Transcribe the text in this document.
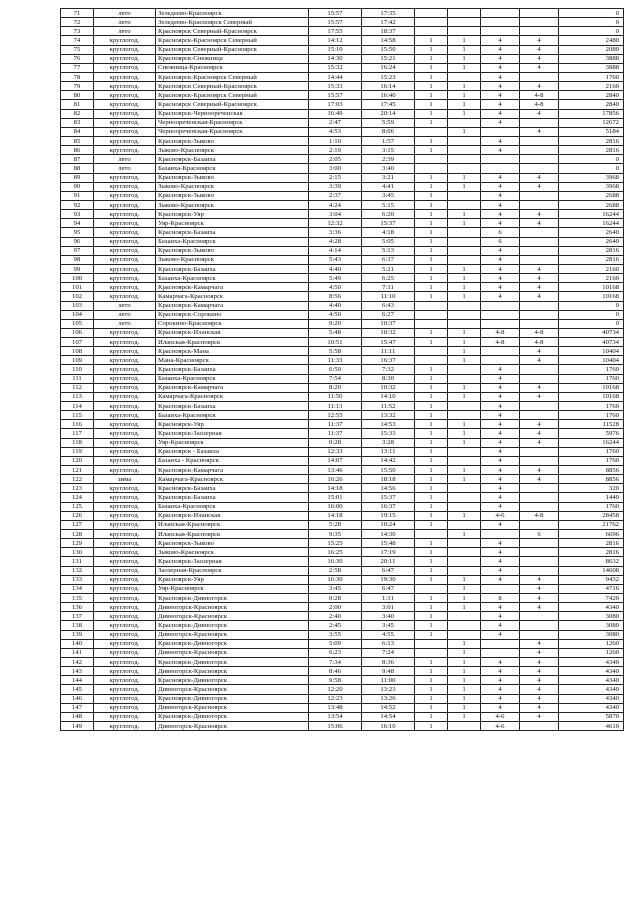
71	лето	Зеледеево-Красноярск	15:57	17:35					0
72	лето	Зеледеево-Красноярск Северный	15:57	17:42					0
73	лето	Красноярск Северный-Красноярск	17:55	18:37					0
74	круглогод.	Красноярск-Красноярск Северный	14:12	14:58	1	1	4	4	2480
75	круглогод.	Красноярск Северный-Красноярск	15:10	15:50	1	1	4	4	2080
76	круглогод.	Красноярск-Снежница	14:30	15:21	1	1	4	4	3888
77	круглогод.	Снежница-Красноярск	15:32	16:24	1	1	4	4	3888
78	круглогод.	Красноярск-Красноярск Северный	14:44	15:23	1		4		1760
79	круглогод.	Красноярск Северный-Красноярск	15:33	16:14	1	1	4	4	2160
80	круглогод.	Красноярск-Красноярск Северный	15:57	16:40	1	1	4	4-8	2840
81	круглогод.	Красноярск Северный-Красноярск	17:03	17:45	1	1	4	4-8	2840
82	круглогод.	Красноярск-Черноореченская	16:49	20:14	1	1	4	4	17856
83	круглогод.	Черноореченская-Красноярск	2:47	5:59	1		4		12672
84	круглогод.	Черноореченская-Красноярск	4:53	8:06		1		4	5184
85	круглогод.	Красноярск-Зыково	1:10	1:57	1		4		2816
86	круглогод.	Зыково-Красноярск	2:19	3:15	1		4		2816
87	лето	Красноярск-Базаиха	2:05	2:39					0
88	лето	Базаиха-Красноярск	3:00	3:40					0
89	круглогод.	Красноярск-Зыково	2:15	3:21	1	1	4	4	3968
90	круглогод.	Зыково-Красноярск	3:39	4:41	1	1	4	4	3968
91	круглогод.	Красноярск-Зыково	2:37	3:45	1		4		2688
92	круглогод.	Зыково-Красноярск	4:24	5:15	1		4		2688
93	круглогод.	Красноярск-Уяр	3:04	6:20	1	1	4	4	16244
94	круглогод.	Уяр-Красноярск	12:32	15:37	1	1	4	4	16244
95	круглогод.	Красноярск-Базаиха	3:36	4:18	1		6		2640
96	круглогод.	Базаиха-Красноярск	4:28	5:05	1		6		2640
97	круглогод.	Красноярск-Зыково	4:14	5:13	1		4		2816
98	круглогод.	Зыково-Красноярск	5:43	6:37	1		4		2816
99	круглогод.	Красноярск-Базаиха	4:40	5:21	1	1	4	4	2160
100	круглогод.	Базаиха-Красноярск	5:49	6:25	1	1	4	4	2160
101	круглогод.	Красноярск-Камарчага	4:50	7:11	1	1	4	4	10168
102	круглогод.	Камарчага-Красноярск	8:56	11:10	1	1	4	4	10168
103	лето	Красноярск-Камарчага	4:40	6:43					0
104	лето	Красноярск-Сорокино	4:50	6:27					0
105	лето	Сорокино-Красноярск	9:20	10:37					0
106	круглогод.	Красноярск-Иланская	5:48	10:32	1	1	4-8	4-8	40734
107	круглогод.	Иланская-Красноярск	10:51	15:47	1	1	4-8	4-8	40734
108	круглогод.	Красноярск-Мана	5:58	11:11		1		4	10404
109	круглогод.	Мана-Красноярск	11:33	16:37		1		4	10404
110	круглогод.	Красноярск-Базаиха	6:50	7:32	1		4		1760
111	круглогод.	Базаиха-Красноярск	7:54	8:30	1		4		1760
112	круглогод.	Красноярск-Камарчага	8:20	10:32	1	1	4	4	10168
113	круглогод.	Камарчага-Красноярск	11:50	14:10	1	1	4	4	10168
114	круглогод.	Красноярск-Базаиха	11:13	11:52	1		4		1760
115	круглогод.	Базаиха-Красноярск	12:55	13:32	1		4		1760
116	круглогод.	Красноярск-Уяр	11:37	14:53	1	1	4	4	11528
117	круглогод.	Красноярск-Заозерная	11:37	15:33	1	1	4	4	5976
118	круглогод.	Уяр-Красноярск	0:28	3:28	1	1	4	4	16244
119	круглогод.	Красноярск - Базаиха	12:33	13:11	1		4		1760
120	круглогод.	Базаиха - Красноярск	14:07	14:42	1		4		1760
121	круглогод.	Красноярск-Камарчага	13:46	15:50	1	1	4	4	8856
122	зима	Камарчага-Красноярск	16:26	18:18	1	1	4	4	8856
123	круглогод.	Красноярск-Базаиха	14:18	14:56	1		4		320
124	круглогод.	Красноярск-Базаиха	15:01	15:37	1		4		1440
125	круглогод.	Базаиха-Красноярск	16:00	16:37	1		4		1760
126	круглогод.	Красноярск-Иланская	14:18	19:15	1	1	4-6	4-8	28458
127	круглогод.	Иланская-Красноярск	5:28	10:24	1		4		21762
128	круглогод.	Иланская-Красноярск	9:35	14:30		1		6	6696
129	круглогод.	Красноярск-Зыково	15:25	15:48	1		4		2816
130	круглогод.	Зыково-Красноярск	16:25	17:19	1		4		2816
131	круглогод.	Красноярск-Заозерная	16:30	20:11	1		4		8632
132	круглогод.	Заозерная-Красноярск	2:58	6:47	1		4		14608
133	круглогод.	Красноярск-Уяр	16:30	19:30	1	1	4	4	9432
134	круглогод.	Уяр-Красноярск	3:45	6:47		1		4	4716
135	круглогод.	Красноярск-Дивногорск	0:28	1:31	1	1	8	4	7420
136	круглогод.	Дивногорск-Красноярск	2:00	3:01	1	1	4	4	4340
137	круглогод.	Дивногорск-Красноярск	2:40	3:40	1		4		3080
138	круглогод.	Красноярск-Дивногорск	2:45	3:45	1		4		3080
139	круглогод.	Дивногорск-Красноярск	3:55	4:55	1		4		3080
140	круглогод.	Красноярск-Дивногорск	5:09	6:13		1		4	1260
141	круглогод.	Дивногорск-Красноярск	6:23	7:24		1		4	1260
142	круглогод.	Красноярск-Дивногорск	7:34	8:36	1	1	4	4	4340
143	круглогод.	Дивногорск-Красноярск	8:46	9:48	1	1	4	4	4340
144	круглогод.	Красноярск-Дивногорск	9:58	11:00	1	1	4	4	4340
145	круглогод.	Дивногорск-Красноярск	12:20	13:23	1	1	4	4	4340
146	круглогод.	Красноярск-Дивногорск	12:23	13:26	1	1	4	4	4340
147	круглогод.	Дивногорск-Красноярск	13:48	14:52	1	1	4	4	4340
148	круглогод.	Красноярск-Дивногорск	13:54	14:54	1	1	4-6	4	5870
149	круглогод.	Дивногорск-Красноярск	15:06	16:10	1		4-6		4610
